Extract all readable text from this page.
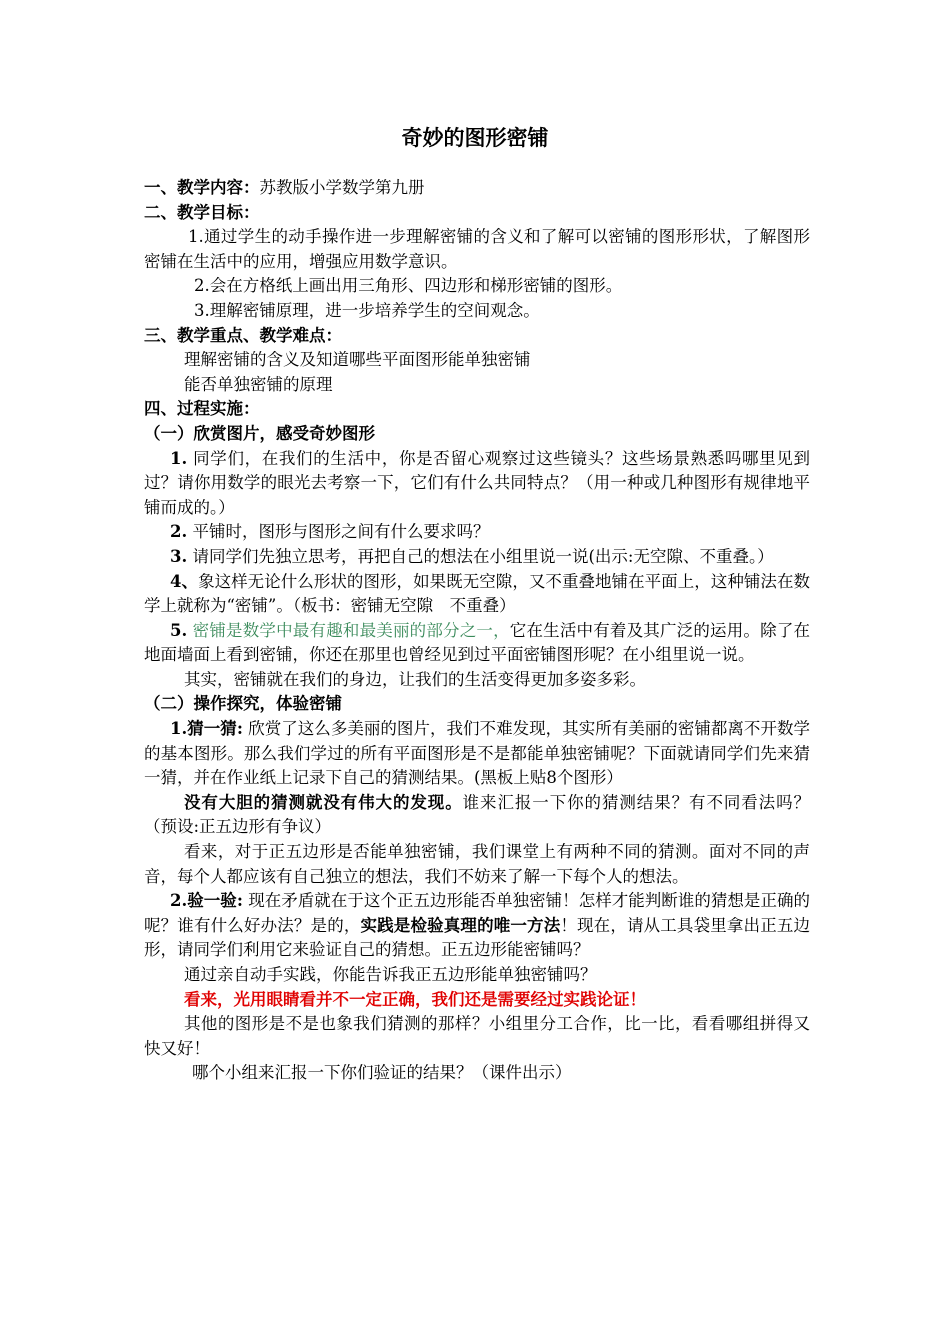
奇妙的图形密铺

一、教学内容：苏教版小学数学第九册

二、教学目标：

1.通过学生的动手操作进一步理解密铺的含义和了解可以密铺的图形形状，了解图形密铺在生活中的应用，增强应用数学意识。

2.会在方格纸上画出用三角形、四边形和梯形密铺的图形。

3.理解密铺原理，进一步培养学生的空间观念。

三、教学重点、教学难点：

理解密铺的含义及知道哪些平面图形能单独密铺

能否单独密铺的原理

四、过程实施：

（一）欣赏图片，感受奇妙图形

1. 同学们，在我们的生活中，你是否留心观察过这些镜头？这些场景熟悉吗哪里见到过？请你用数学的眼光去考察一下，它们有什么共同特点？（用一种或几种图形有规律地平铺而成的。）

2. 平铺时，图形与图形之间有什么要求吗？

3. 请同学们先独立思考，再把自己的想法在小组里说一说(出示:无空隙、不重叠。）

4、象这样无论什么形状的图形，如果既无空隙，又不重叠地铺在平面上，这种铺法在数学上就称为“密铺”。（板书：密铺无空隙　不重叠）

5. 密铺是数学中最有趣和最美丽的部分之一，它在生活中有着及其广泛的运用。除了在地面墙面上看到密铺，你还在那里也曾经见到过平面密铺图形呢？在小组里说一说。

其实，密铺就在我们的身边，让我们的生活变得更加多姿多彩。

（二）操作探究，体验密铺

1.猜一猜: 欣赏了这么多美丽的图片，我们不难发现，其实所有美丽的密铺都离不开数学的基本图形。那么我们学过的所有平面图形是不是都能单独密铺呢？下面就请同学们先来猜一猜，并在作业纸上记录下自己的猜测结果。(黑板上贴8个图形）

没有大胆的猜测就没有伟大的发现。谁来汇报一下你的猜测结果？有不同看法吗？（预设:正五边形有争议）

看来，对于正五边形是否能单独密铺，我们课堂上有两种不同的猜测。面对不同的声音，每个人都应该有自己独立的想法，我们不妨来了解一下每个人的想法。

2.验一验: 现在矛盾就在于这个正五边形能否单独密铺！怎样才能判断谁的猜想是正确的呢？谁有什么好办法？是的，实践是检验真理的唯一方法！现在，请从工具袋里拿出正五边形，请同学们利用它来验证自己的猜想。正五边形能密铺吗？

通过亲自动手实践，你能告诉我正五边形能单独密铺吗？

看来，光用眼睛看并不一定正确，我们还是需要经过实践论证！

其他的图形是不是也象我们猜测的那样？小组里分工合作，比一比，看看哪组拼得又快又好！

哪个小组来汇报一下你们验证的结果？（课件出示）
